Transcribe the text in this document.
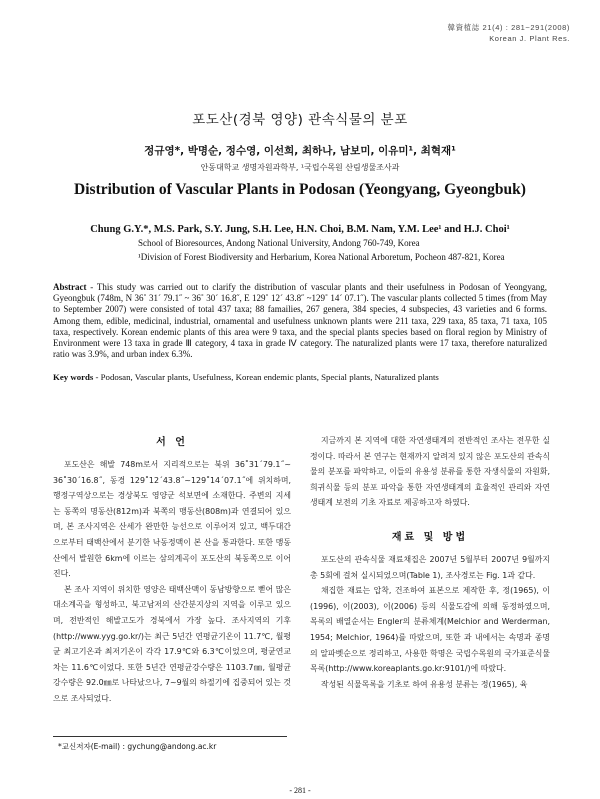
韓資植誌 21(4) : 281~291(2008)
Korean J. Plant Res.
포도산(경북 영양) 관속식물의 분포
정규영*, 박명순, 정수영, 이선희, 최하나, 남보미, 이유미¹, 최혁재¹
안동대학교 생명자원과학부, ¹국립수목원 산림생물조사과
Distribution of Vascular Plants in Podosan (Yeongyang, Gyeongbuk)
Chung G.Y.*, M.S. Park, S.Y. Jung, S.H. Lee, H.N. Choi, B.M. Nam, Y.M. Lee¹ and H.J. Choi¹
School of Bioresources, Andong National University, Andong 760-749, Korea
¹Division of Forest Biodiversity and Herbarium, Korea National Arboretum, Pocheon 487-821, Korea
Abstract - This study was carried out to clarify the distribution of vascular plants and their usefulness in Podosan of Yeongyang, Gyeongbuk (748m, N 36˚ 31´ 79.1˝ ~ 36˚ 30´ 16.8˝, E 129˚ 12´ 43.8˝ ~129˚ 14´ 07.1˝). The vascular plants collected 5 times (from May to September 2007) were consisted of total 437 taxa; 88 famailies, 267 genera, 384 species, 4 subspecies, 43 varieties and 6 forms. Among them, edible, medicinal, industrial, ornamental and usefulness unknown plants were 211 taxa, 229 taxa, 85 taxa, 71 taxa, 105 taxa, respectively. Korean endemic plants of this area were 9 taxa, and the special plants species based on floral region by Ministry of Environment were 13 taxa in grade Ⅲ category, 4 taxa in grade Ⅳ category. The naturalized plants were 17 taxa, therefore naturalized ratio was 3.9%, and urban index 6.3%.
Key words - Podosan, Vascular plants, Usefulness, Korean endemic plants, Special plants, Naturalized plants
서 언

포도산은 해발 748m로서 지리적으로는 북위 36˚31´79.1˝~ 36˚30´16.8˝, 동경 129˚12´43.8˝~129˚14´07.1˝에 위치하며, 행정구역상으로는 경상북도 영양군 석보면에 소재한다. 주변의 지세는 동쪽의 명동산(812m)과 북쪽의 맹동산(808m)과 연결되어 있으며, 본 조사지역은 산세가 완만한 능선으로 이루어져 있고, 백두대간으로부터 태백산에서 분기한 낙동정맥이 본 산을 통과한다. 또한 맹동산에서 발원한 6km에 이르는 삼의계곡이 포도산의 북동쪽으로 이어진다.

본 조사 지역이 위치한 영양은 태백산맥이 동남방향으로 뻗어 많은 대소계곡을 형성하고, 북고남저의 산간분지상의 지역을 이루고 있으며, 전반적인 해발고도가 경북에서 가장 높다. 조사지역의 기후(http://www.yyg.go.kr/)는 최근 5년간 연평균기온이 11.7℃, 월평균 최고기온과 최저기온이 각각 17.9℃와 6.3℃이었으며, 평균연교차는 11.6℃이었다. 또한 5년간 연평균강수량은 1103.7㎜, 월평균강수량은 92.0㎜로 나타났으나, 7~9월의 하절기에 집중되어 있는 것으로 조사되었다.

지금까지 본 지역에 대한 자연생태계의 전반적인 조사는 전무한 실정이다. 따라서 본 연구는 현재까지 알려져 있지 않은 포도산의 관속식물의 분포를 파악하고, 이들의 유용성 분류를 통한 자생식물의 자원화, 희귀식물 등의 분포 파악을 통한 자연생태계의 효율적인 관리와 자연생태계 보전의 기초 자료로 제공하고자 하였다.

재료 및 방법

포도산의 관속식물 재료채집은 2007년 5월부터 2007년 9월까지 총 5회에 걸쳐 실시되었으며(Table 1), 조사경로는 Fig. 1과 같다.

채집한 재료는 압착, 건조하여 표본으로 제작한 후, 정(1965), 이(1996), 이(2003), 이(2006) 등의 식물도감에 의해 동정하였으며, 목록의 배열순서는 Engler의 분류체계(Melchior and Werderman, 1954; Melchior, 1964)를 따랐으며, 또한 과 내에서는 속명과 종명의 알파벳순으로 정리하고, 사용한 학명은 국립수목원의 국가표준식물목록(http://www.koreaplants.go.kr:9101/)에 따랐다.

작성된 식물목록을 기초로 하여 유용성 분류는 정(1965), 육

*교신저자(E-mail) : gychung@andong.ac.kr
- 281 -
